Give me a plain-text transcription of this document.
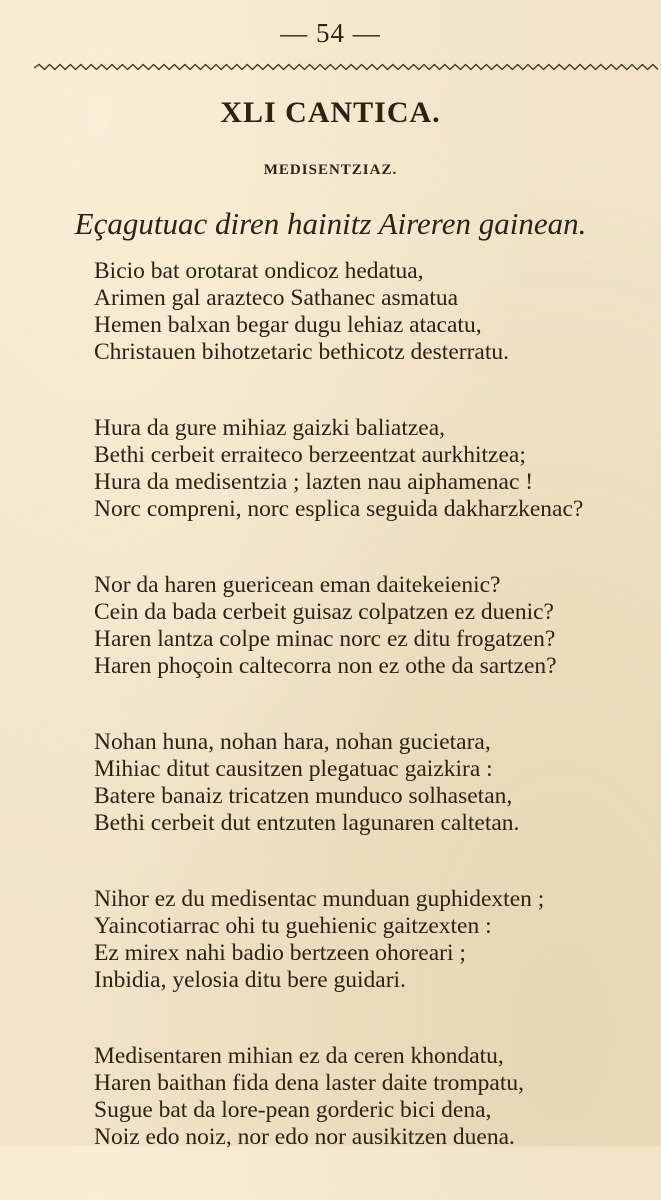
— 54 —
XLI CANTICA.
MEDISENTZIAZ.
Eçagutuac diren hainitz Aireren gainean.
Bicio bat orotarat ondicoz hedatua,
Arimen gal arazteco Sathanec asmatua
Hemen balxan begar dugu lehiaz atacatu,
Christauen bihotzetaric bethicotz desterratu.
Hura da gure mihiaz gaizki baliatzea,
Bethi cerbeit erraiteco berzeentzat aurkhitzea;
Hura da medisentzia ; lazten nau aiphamenac !
Norc compreni, norc esplica seguida dakharzkenac?
Nor da haren guericean eman daitekeienic?
Cein da bada cerbeit guisaz colpatzen ez duenic?
Haren lantza colpe minac norc ez ditu frogatzen?
Haren phoçoin caltecorra non ez othe da sartzen?
Nohan huna, nohan hara, nohan gucietara,
Mihiac ditut causitzen plegatuac gaizkira :
Batere banaiz tricatzen munduco solhasetan,
Bethi cerbeit dut entzuten lagunaren caltetan.
Nihor ez du medisentac munduan guphidexten ;
Yaincotiarrac ohi tu guehienic gaitzexten :
Ez mirex nahi badio bertzeen ohoreari ;
Inbidia, yelosia ditu bere guidari.
Medisentaren mihian ez da ceren khondatu,
Haren baithan fida dena laster daite trompatu,
Sugue bat da lore-pean gorderic bici dena,
Noiz edo noiz, nor edo nor ausikitzen duena.
